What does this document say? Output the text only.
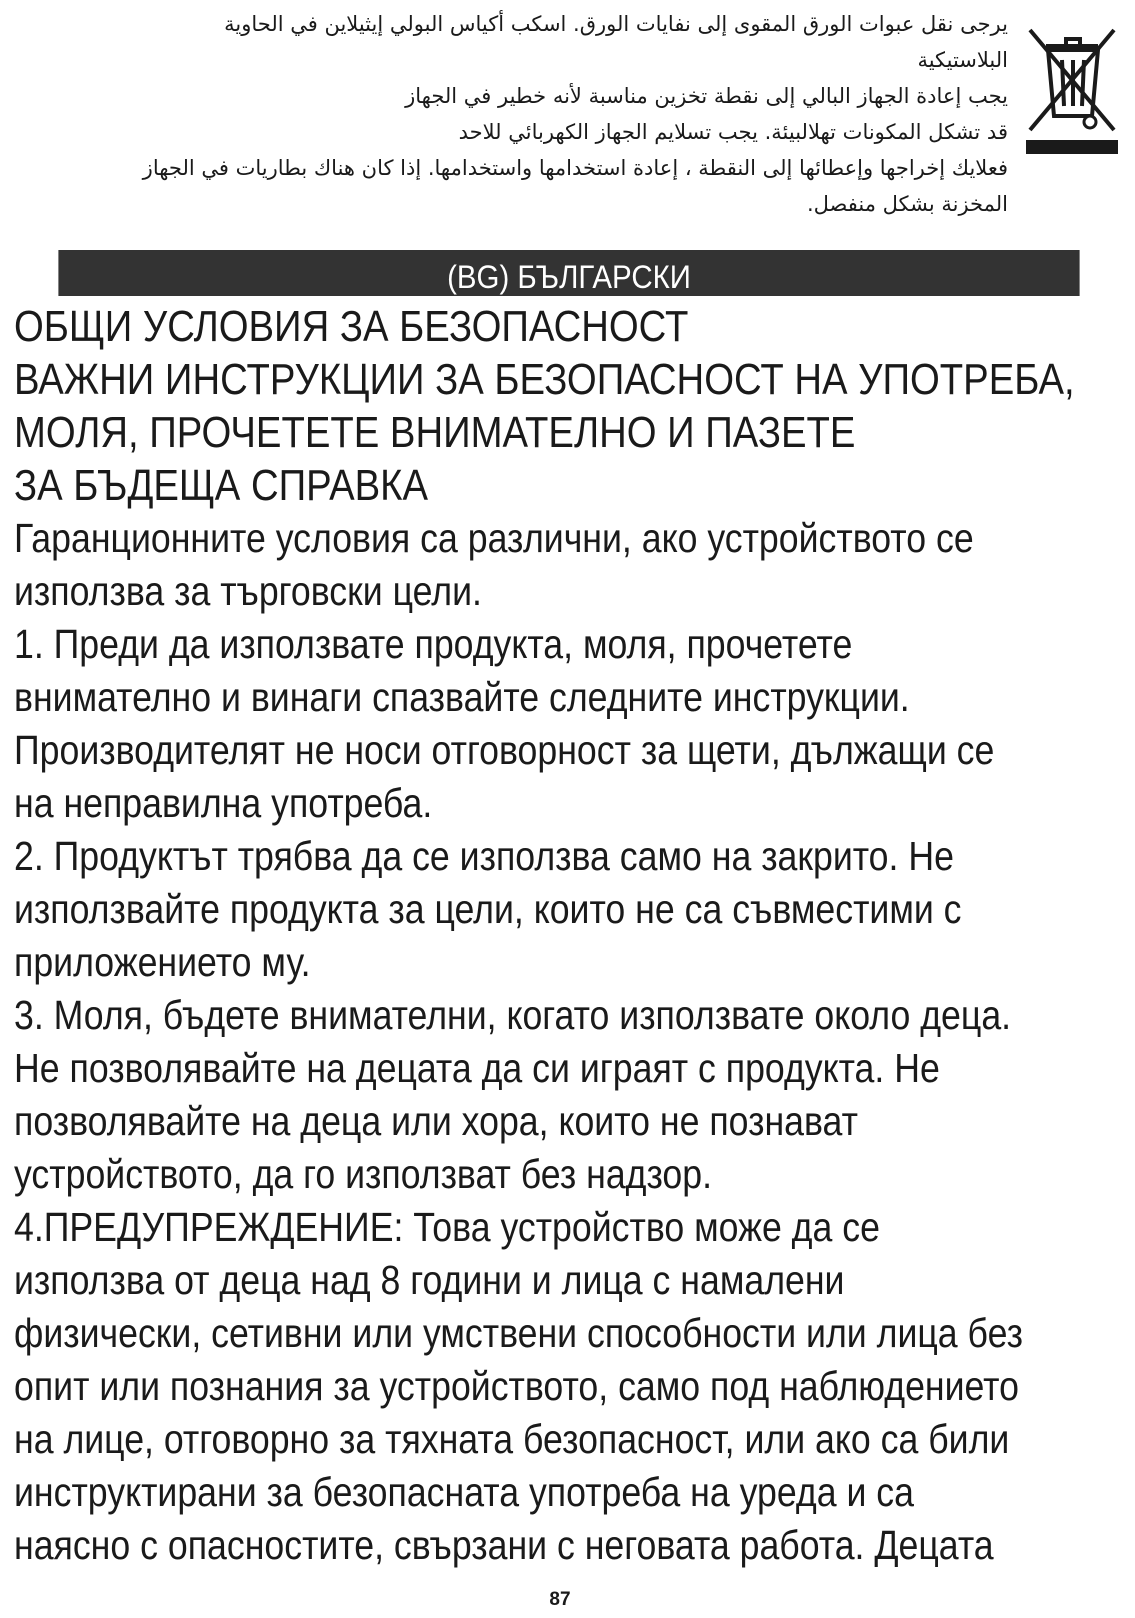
يرجى نقل عبوات الورق المقوى إلى نفايات الورق. اسكب أكياس البولي إيثيلاين في الحاوية
البلاستيكية
يجب إعادة الجهاز البالي إلى نقطة تخزين مناسبة لأنه خطير في الجهاز
قد تشكل المكونات تهلالبيئة. يجب تسلايم الجهاز الكهربائي للاحد
فعلايك إخراجها وإعطائها إلى النقطة ، إعادة استخدامها واستخدامها. إذا كان هناك بطاريات في الجهاز
المخزنة بشكل منفصل.
(BG) БЪЛГАРСКИ
ОБЩИ УСЛОВИЯ ЗА БЕЗОПАСНОСТ
ВАЖНИ ИНСТРУКЦИИ ЗА БЕЗОПАСНОСТ НА УПОТРЕБА,
МОЛЯ, ПРОЧЕТЕТЕ ВНИМАТЕЛНО И ПАЗЕТЕ
ЗА БЪДЕЩА СПРАВКА
Гаранционните условия са различни, ако устройството се
използва за търговски цели.
1. Преди да използвате продукта, моля, прочетете
внимателно и винаги спазвайте следните инструкции.
Производителят не носи отговорност за щети, дължащи се
на неправилна употреба.
2. Продуктът трябва да се използва само на закрито. Не
използвайте продукта за цели, които не са съвместими с
приложението му.
3. Моля, бъдете внимателни, когато използвате около деца.
Не позволявайте на децата да си играят с продукта. Не
позволявайте на деца или хора, които не познават
устройството, да го използват без надзор.
4.ПРЕДУПРЕЖДЕНИЕ: Това устройство може да се
използва от деца над 8 години и лица с намалени
физически, сетивни или умствени способности или лица без
опит или познания за устройството, само под наблюдението
на лице, отговорно за тяхната безопасност, или ако са били
инструктирани за безопасната употреба на уреда и са
наясно с опасностите, свързани с неговата работа. Децата
87
